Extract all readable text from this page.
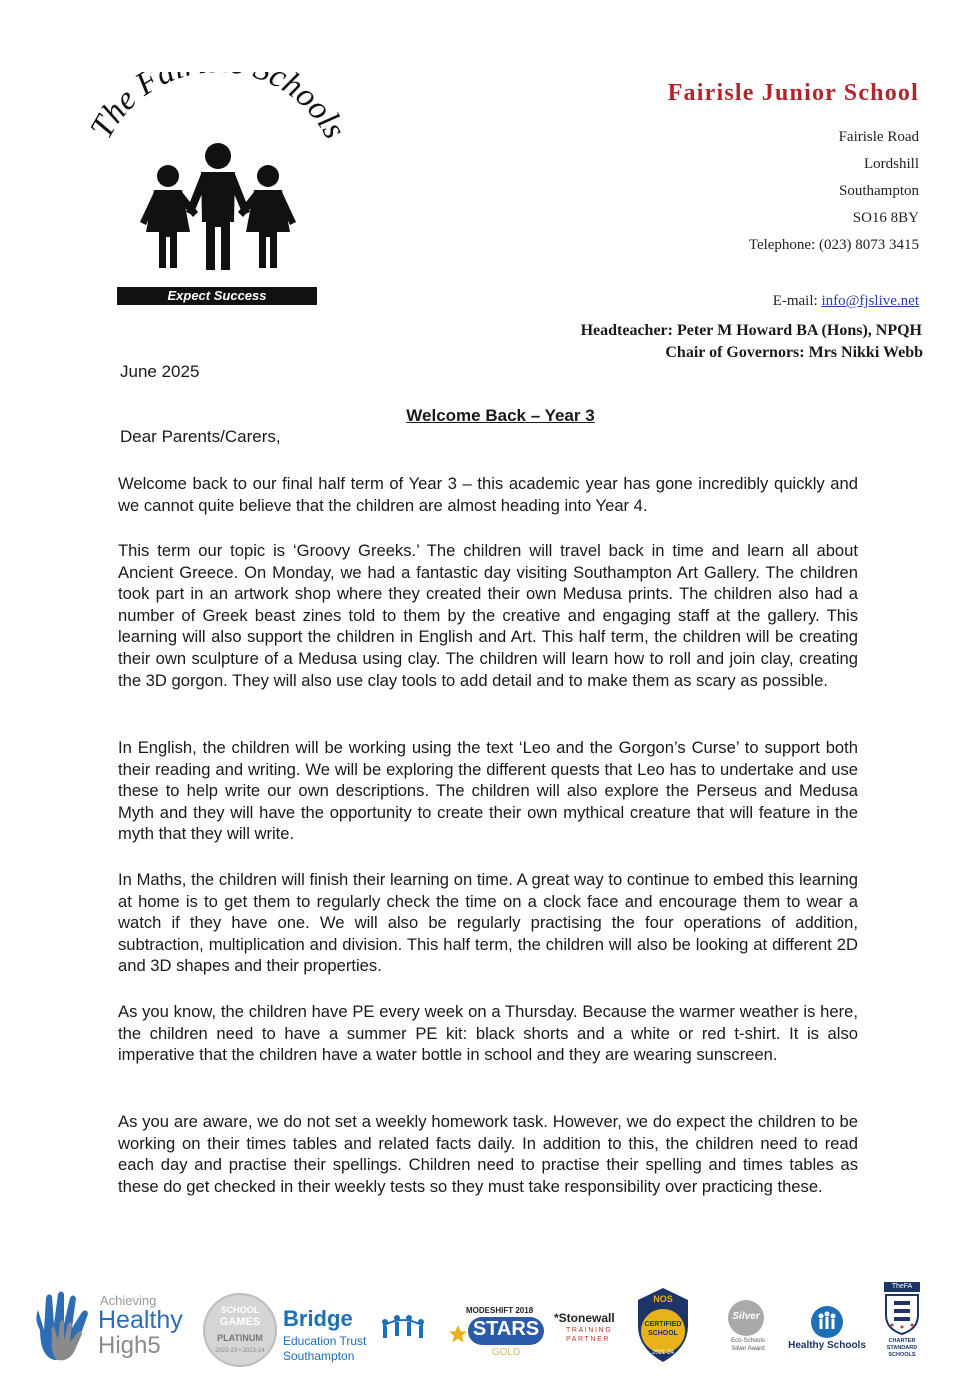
The Fa chools
Expect Success
Fairisle Junior School
Fairisle Road
Lordshill
Southampton
SO16 8BY
Telephone: (023) 8073 3415
E-mail: info@fjslive.net
Headteacher: Peter M Howard BA (Hons), NPQH
Chair of Governors: Mrs Nikki Webb
June 2025
Welcome Back – Year 3
Dear Parents/Carers,
Welcome back to our final half term of Year 3 – this academic year has gone incredibly quickly and we cannot quite believe that the children are almost heading into Year 4.
This term our topic is ‘Groovy Greeks.’ The children will travel back in time and learn all about Ancient Greece. On Monday, we had a fantastic day visiting Southampton Art Gallery. The children took part in an artwork shop where they created their own Medusa prints. The children also had a number of Greek beast zines told to them by the creative and engaging staff at the gallery. This learning will also support the children in English and Art. This half term, the children will be creating their own sculpture of a Medusa using clay. The children will learn how to roll and join clay, creating the 3D gorgon. They will also use clay tools to add detail and to make them as scary as possible.
In English, the children will be working using the text ‘Leo and the Gorgon’s Curse’ to support both their reading and writing. We will be exploring the different quests that Leo has to undertake and use these to help write our own descriptions. The children will also explore the Perseus and Medusa Myth and they will have the opportunity to create their own mythical creature that will feature in the myth that they will write.
In Maths, the children will finish their learning on time. A great way to continue to embed this learning at home is to get them to regularly check the time on a clock face and encourage them to wear a watch if they have one. We will also be regularly practising the four operations of addition, subtraction, multiplication and division. This half term, the children will also be looking at different 2D and 3D shapes and their properties.
As you know, the children have PE every week on a Thursday. Because the warmer weather is here, the children need to have a summer PE kit: black shorts and a white or red t-shirt. It is also imperative that the children have a water bottle in school and they are wearing sunscreen.
As you are aware, we do not set a weekly homework task. However, we do expect the children to be working on their times tables and related facts daily. In addition to this, the children need to read each day and practise their spellings. Children need to practise their spelling and times tables as these do get checked in their weekly tests so they must take responsibility over practicing these.
Achieving
Healthy
High5
SCHOOL
GAMES
PLATINUM
2022-23 • 2023-24
Bridge
Education Trust
Southampton
MODESHIFT 2018
STARS
GOLD
*Stonewall
TRAINING
PARTNER
NOS
CERTIFIED
SCHOOL
2021-24
Silver
Eco-Schools
Silver Award	Healthy Schools
TheFA
CHARTER
STANDARD
SCHOOLS
